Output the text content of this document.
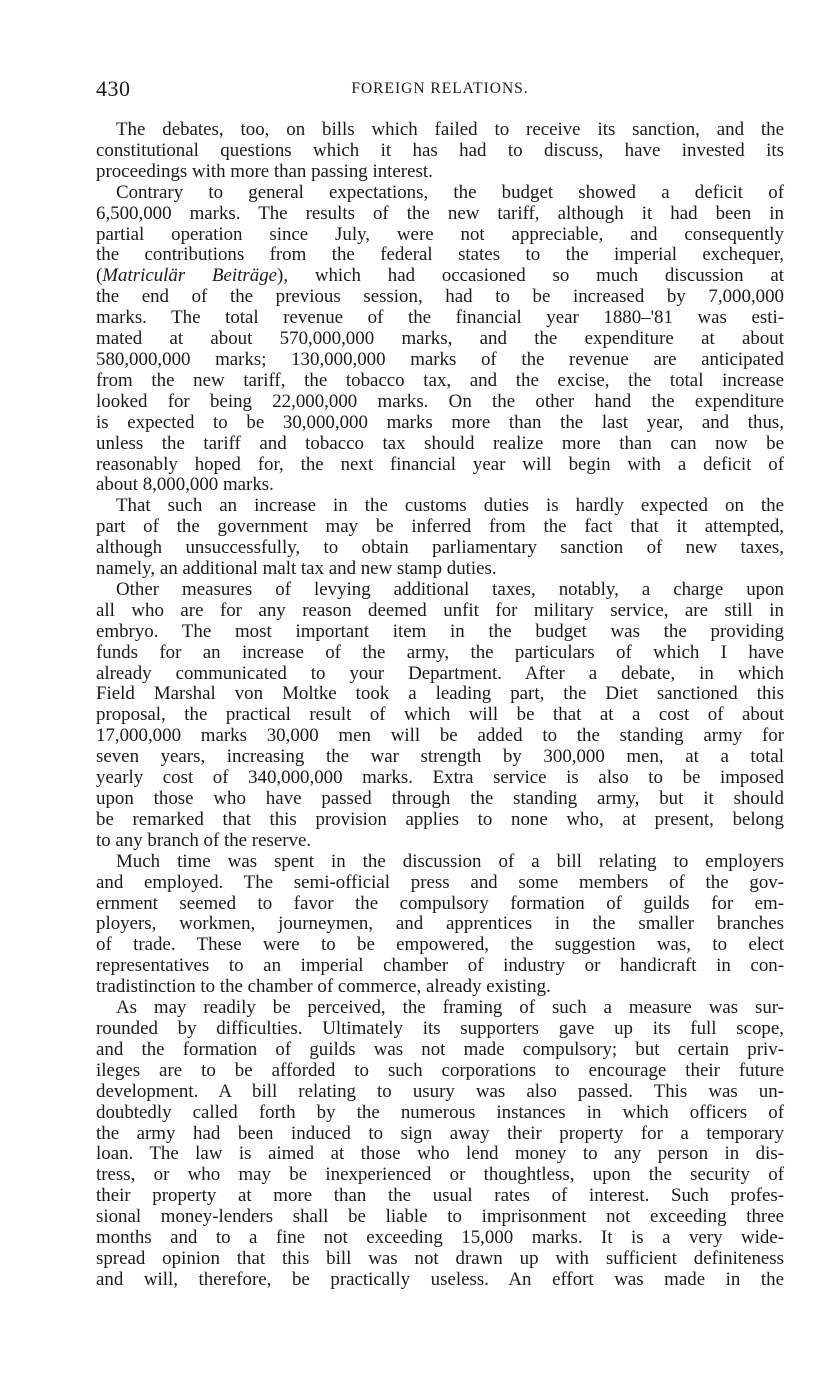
430	FOREIGN RELATIONS.
The debates, too, on bills which failed to receive its sanction, and the
constitutional questions which it has had to discuss, have invested its
proceedings with more than passing interest.
Contrary to general expectations, the budget showed a deficit of
6,500,000 marks. The results of the new tariff, although it had been in
partial operation since July, were not appreciable, and consequently
the contributions from the federal states to the imperial exchequer,
(Matriculär Beiträge), which had occasioned so much discussion at
the end of the previous session, had to be increased by 7,000,000
marks. The total revenue of the financial year 1880–'81 was esti-
mated at about 570,000,000 marks, and the expenditure at about
580,000,000 marks; 130,000,000 marks of the revenue are anticipated
from the new tariff, the tobacco tax, and the excise, the total increase
looked for being 22,000,000 marks. On the other hand the expenditure
is expected to be 30,000,000 marks more than the last year, and thus,
unless the tariff and tobacco tax should realize more than can now be
reasonably hoped for, the next financial year will begin with a deficit of
about 8,000,000 marks.
That such an increase in the customs duties is hardly expected on the
part of the government may be inferred from the fact that it attempted,
although unsuccessfully, to obtain parliamentary sanction of new taxes,
namely, an additional malt tax and new stamp duties.
Other measures of levying additional taxes, notably, a charge upon
all who are for any reason deemed unfit for military service, are still in
embryo. The most important item in the budget was the providing
funds for an increase of the army, the particulars of which I have
already communicated to your Department. After a debate, in which
Field Marshal von Moltke took a leading part, the Diet sanctioned this
proposal, the practical result of which will be that at a cost of about
17,000,000 marks 30,000 men will be added to the standing army for
seven years, increasing the war strength by 300,000 men, at a total
yearly cost of 340,000,000 marks. Extra service is also to be imposed
upon those who have passed through the standing army, but it should
be remarked that this provision applies to none who, at present, belong
to any branch of the reserve.
Much time was spent in the discussion of a bill relating to employers
and employed. The semi-official press and some members of the gov-
ernment seemed to favor the compulsory formation of guilds for em-
ployers, workmen, journeymen, and apprentices in the smaller branches
of trade. These were to be empowered, the suggestion was, to elect
representatives to an imperial chamber of industry or handicraft in con-
tradistinction to the chamber of commerce, already existing.
As may readily be perceived, the framing of such a measure was sur-
rounded by difficulties. Ultimately its supporters gave up its full scope,
and the formation of guilds was not made compulsory; but certain priv-
ileges are to be afforded to such corporations to encourage their future
development. A bill relating to usury was also passed. This was un-
doubtedly called forth by the numerous instances in which officers of
the army had been induced to sign away their property for a temporary
loan. The law is aimed at those who lend money to any person in dis-
tress, or who may be inexperienced or thoughtless, upon the security of
their property at more than the usual rates of interest. Such profes-
sional money-lenders shall be liable to imprisonment not exceeding three
months and to a fine not exceeding 15,000 marks. It is a very wide-
spread opinion that this bill was not drawn up with sufficient definiteness
and will, therefore, be practically useless. An effort was made in the
